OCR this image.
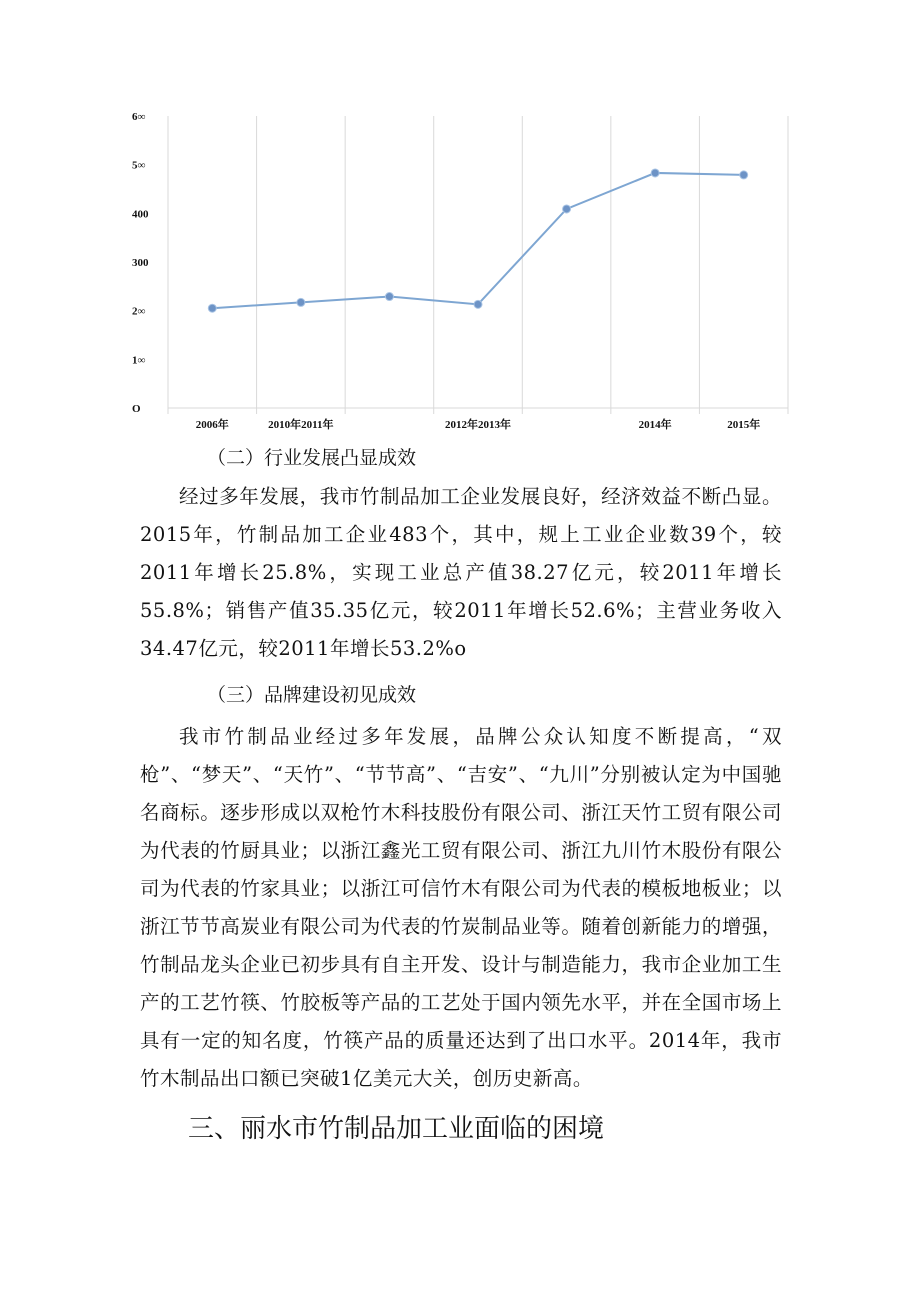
6∞
5∞
400
300
2∞
1∞
O
2006年	2010年2011年	2012年2013年	2014年	2015年
（二）行业发展凸显成效

经过多年发展，我市竹制品加工企业发展良好，经济效益不断凸显。2015年，竹制品加工企业483个，其中，规上工业企业数39个，较2011年增长25.8%，实现工业总产值38.27亿元，较2011年增长55.8%；销售产值35.35亿元，较2011年增长52.6%；主营业务收入34.47亿元，较2011年增长53.2%o

（三）品牌建设初见成效

我市竹制品业经过多年发展，品牌公众认知度不断提高，“双枪”、“梦天”、“天竹”、“节节高”、“吉安”、“九川”分别被认定为中国驰名商标。逐步形成以双枪竹木科技股份有限公司、浙江天竹工贸有限公司为代表的竹厨具业；以浙江鑫光工贸有限公司、浙江九川竹木股份有限公司为代表的竹家具业；以浙江可信竹木有限公司为代表的模板地板业；以浙江节节高炭业有限公司为代表的竹炭制品业等。随着创新能力的增强，竹制品龙头企业已初步具有自主开发、设计与制造能力，我市企业加工生产的工艺竹筷、竹胶板等产品的工艺处于国内领先水平，并在全国市场上具有一定的知名度，竹筷产品的质量还达到了出口水平。2014年，我市竹木制品出口额已突破1亿美元大关，创历史新高。

三、丽水市竹制品加工业面临的困境
